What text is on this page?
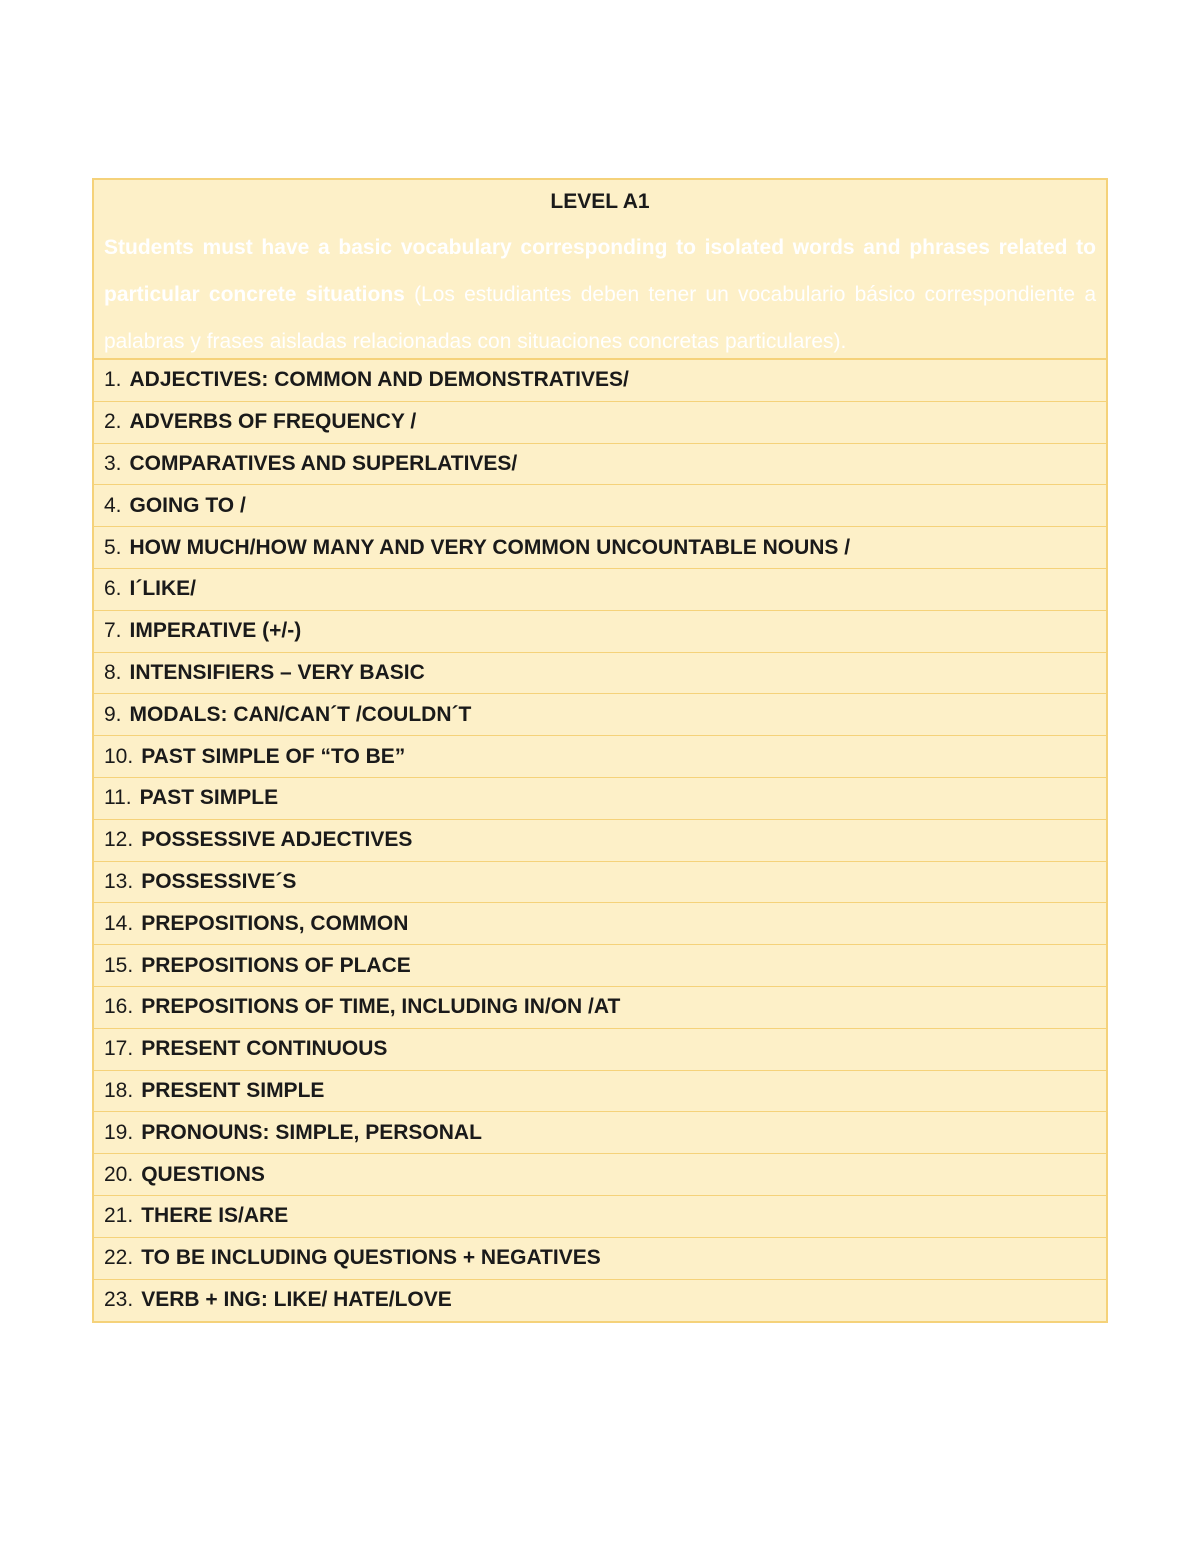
LEVEL A1

Students must have a basic vocabulary corresponding to isolated words and phrases related to particular concrete situations (Los estudiantes deben tener un vocabulario básico correspondiente a palabras y frases aisladas relacionadas con situaciones concretas particulares).

1. ADJECTIVES: COMMON AND DEMONSTRATIVES/
2. ADVERBS OF FREQUENCY /
3. COMPARATIVES AND SUPERLATIVES/
4. GOING TO /
5. HOW MUCH/HOW MANY AND VERY COMMON UNCOUNTABLE NOUNS /
6. I´LIKE/
7. IMPERATIVE (+/-)
8. INTENSIFIERS – VERY BASIC
9. MODALS: CAN/CAN´T /COULDN´T
10. PAST SIMPLE OF “TO BE”
11. PAST SIMPLE
12. POSSESSIVE ADJECTIVES
13. POSSESSIVE´S
14. PREPOSITIONS, COMMON
15. PREPOSITIONS OF PLACE
16. PREPOSITIONS OF TIME, INCLUDING IN/ON /AT
17. PRESENT CONTINUOUS
18. PRESENT SIMPLE
19. PRONOUNS: SIMPLE, PERSONAL
20. QUESTIONS
21. THERE IS/ARE
22. TO BE INCLUDING QUESTIONS + NEGATIVES
23. VERB + ING: LIKE/ HATE/LOVE
